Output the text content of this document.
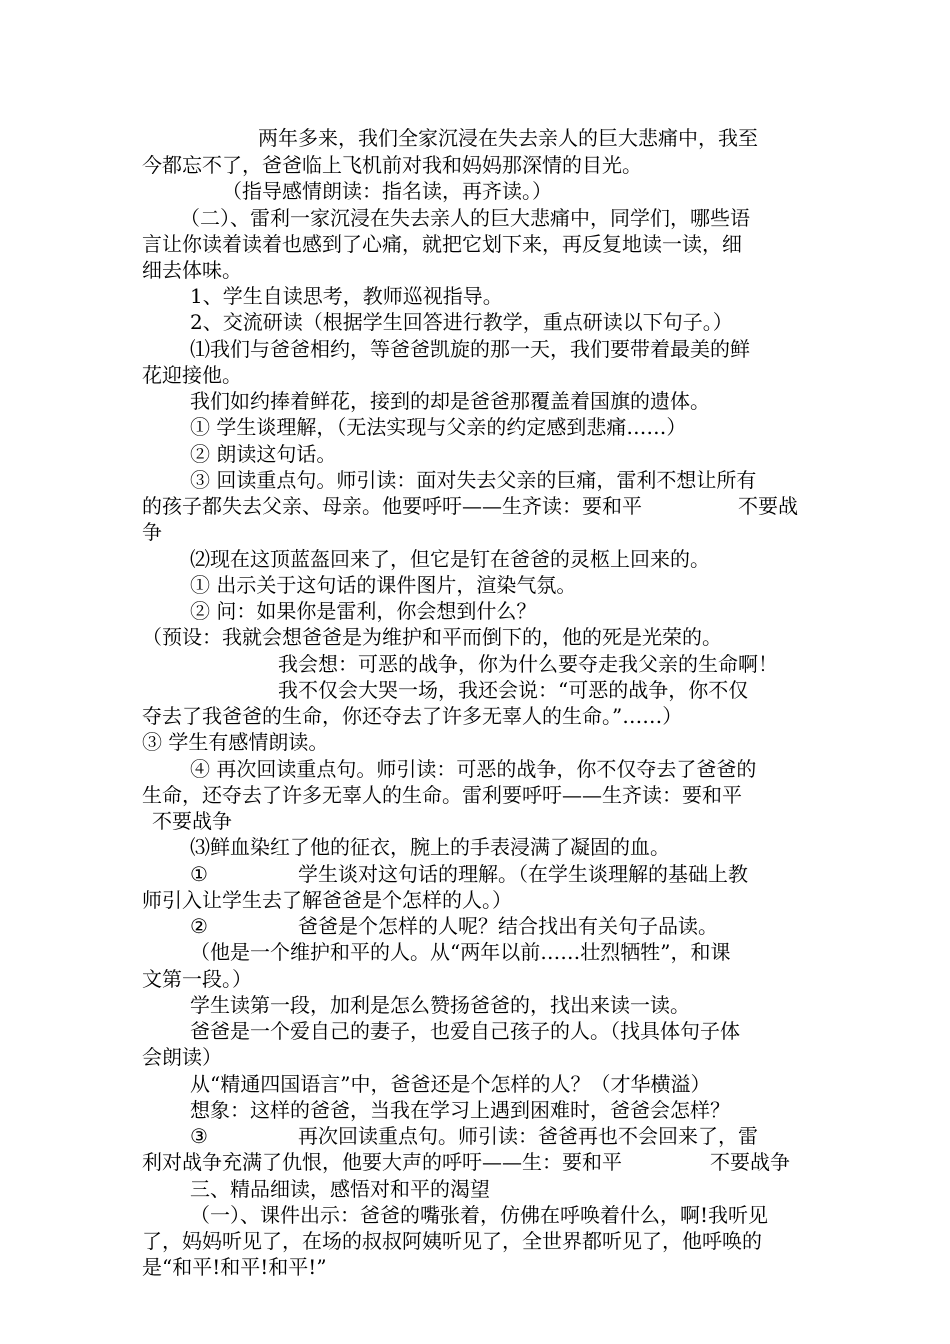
两年多来，我们全家沉浸在失去亲人的巨大悲痛中，我至
今都忘不了，爸爸临上飞机前对我和妈妈那深情的目光。
（指导感情朗读：指名读，再齐读。）
（二）、雷利一家沉浸在失去亲人的巨大悲痛中，同学们，哪些语
言让你读着读着也感到了心痛，就把它划下来，再反复地读一读，细
细去体味。
1、学生自读思考，教师巡视指导。
2、交流研读（根据学生回答进行教学，重点研读以下句子。）
⑴我们与爸爸相约，等爸爸凯旋的那一天，我们要带着最美的鲜
花迎接他。
我们如约捧着鲜花，接到的却是爸爸那覆盖着国旗的遗体。
① 学生谈理解，（无法实现与父亲的约定感到悲痛……）
② 朗读这句话。
③ 回读重点句。师引读：面对失去父亲的巨痛，雷利不想让所有
的孩子都失去父亲、母亲。他要呼吁——生齐读：要和平	不要战
争
⑵现在这顶蓝盔回来了，但它是钉在爸爸的灵柩上回来的。
① 出示关于这句话的课件图片，渲染气氛。
② 问：如果你是雷利，你会想到什么？
（预设：我就会想爸爸是为维护和平而倒下的，他的死是光荣的。
我会想：可恶的战争，你为什么要夺走我父亲的生命啊！
我不仅会大哭一场，我还会说：“可恶的战争，你不仅
夺去了我爸爸的生命，你还夺去了许多无辜人的生命。”……）
③ 学生有感情朗读。
④ 再次回读重点句。师引读：可恶的战争，你不仅夺去了爸爸的
生命，还夺去了许多无辜人的生命。雷利要呼吁——生齐读：要和平
不要战争
⑶鲜血染红了他的征衣，腕上的手表浸满了凝固的血。
①	学生谈对这句话的理解。（在学生谈理解的基础上教
师引入让学生去了解爸爸是个怎样的人。）
②	爸爸是个怎样的人呢？结合找出有关句子品读。
（他是一个维护和平的人。从“两年以前……壮烈牺牲”，和课
文第一段。）
学生读第一段，加利是怎么赞扬爸爸的，找出来读一读。
爸爸是一个爱自己的妻子，也爱自己孩子的人。（找具体句子体
会朗读）
从“精通四国语言”中，爸爸还是个怎样的人？（才华横溢）
想象：这样的爸爸，当我在学习上遇到困难时，爸爸会怎样？
③	再次回读重点句。师引读：爸爸再也不会回来了，雷
利对战争充满了仇恨，他要大声的呼吁——生：要和平	不要战争
三、精品细读，感悟对和平的渴望
（一）、课件出示：爸爸的嘴张着，仿佛在呼唤着什么，啊!我听见
了，妈妈听见了，在场的叔叔阿姨听见了，全世界都听见了，他呼唤的
是“和平!和平!和平!”
